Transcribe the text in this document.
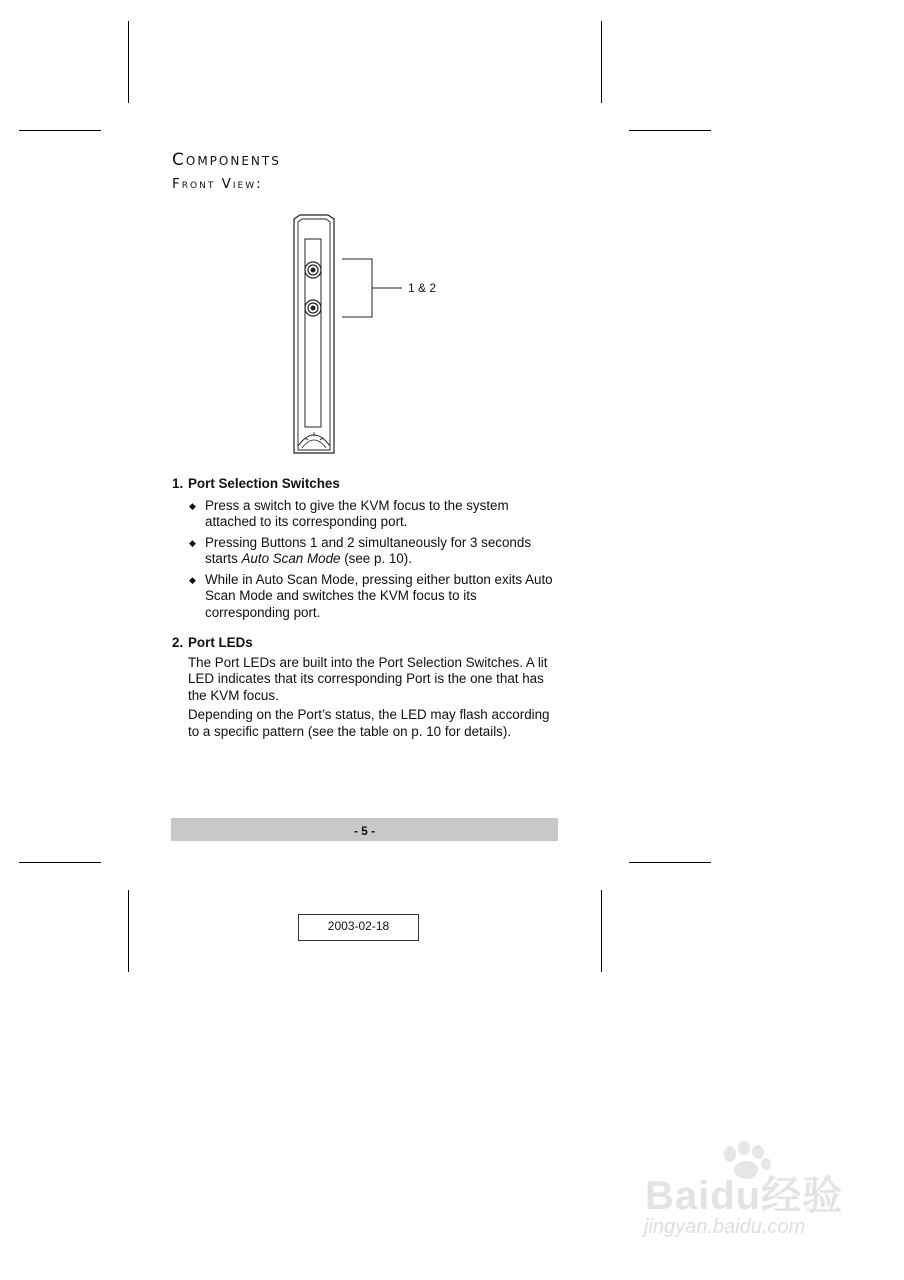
Components
Front View:
1 & 2

1. Port Selection Switches

◆ Press a switch to give the KVM focus to the system attached to its corresponding port.
◆ Pressing Buttons 1 and 2 simultaneously for 3 seconds starts Auto Scan Mode (see p. 10).
◆ While in Auto Scan Mode, pressing either button exits Auto Scan Mode and switches the KVM focus to its corresponding port.

2. Port LEDs

The Port LEDs are built into the Port Selection Switches. A lit LED indicates that its corresponding Port is the one that has the KVM focus.

Depending on the Port’s status, the LED may flash according to a specific pattern (see the table on p. 10 for details).

- 5 -
2003-02-18
Baidu经验
jingyan.baidu.com
